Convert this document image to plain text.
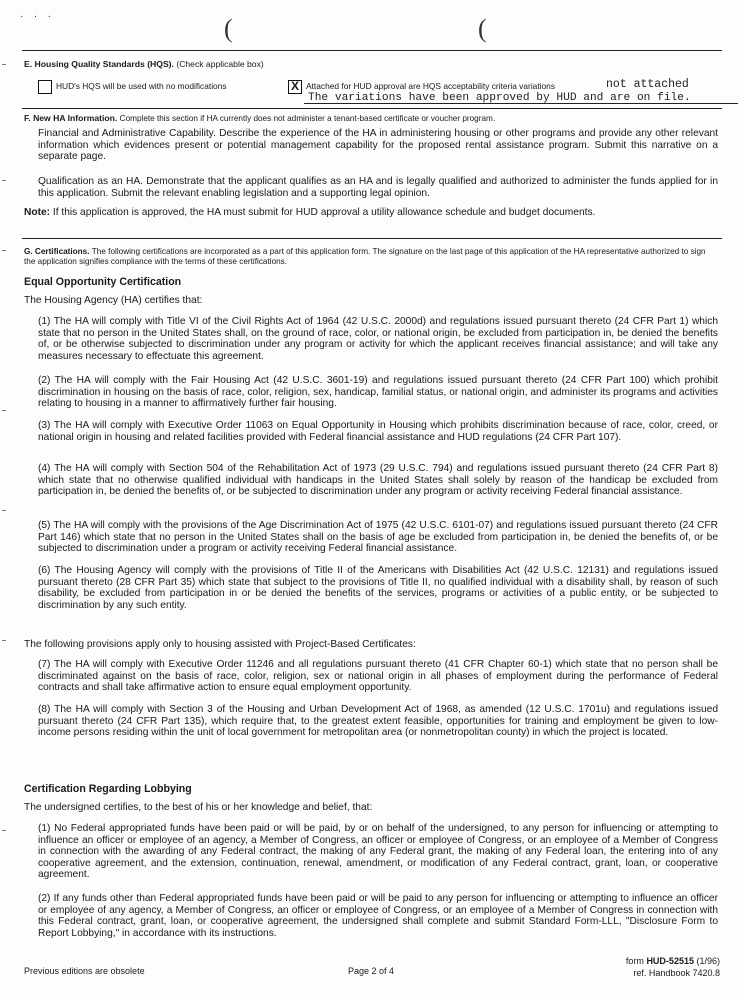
· · ·	(	(
E. Housing Quality Standards (HQS). (Check applicable box)
HUD's HQS will be used with no modifications	X Attached for HUD approval are HQS acceptability criteria variations	not attached
The variations have been approved by HUD and are on file.
F. New HA Information. Complete this section if HA currently does not administer a tenant-based certificate or voucher program.

Financial and Administrative Capability. Describe the experience of the HA in administering housing or other programs and provide any other relevant information which evidences present or potential management capability for the proposed rental assistance program. Submit this narrative on a separate page.

Qualification as an HA. Demonstrate that the applicant qualifies as an HA and is legally qualified and authorized to administer the funds applied for in this application. Submit the relevant enabling legislation and a supporting legal opinion.

Note: If this application is approved, the HA must submit for HUD approval a utility allowance schedule and budget documents.

G. Certifications. The following certifications are incorporated as a part of this application form. The signature on the last page of this application of the HA representative authorized to sign the application signifies compliance with the terms of these certifications.
Equal Opportunity Certification
The Housing Agency (HA) certifies that:

(1) The HA will comply with Title VI of the Civil Rights Act of 1964 (42 U.S.C. 2000d) and regulations issued pursuant thereto (24 CFR Part 1) which state that no person in the United States shall, on the ground of race, color, or national origin, be excluded from participation in, be denied the benefits of, or be otherwise subjected to discrimination under any program or activity for which the applicant receives financial assistance; and will take any measures necessary to effectuate this agreement.

(2) The HA will comply with the Fair Housing Act (42 U.S.C. 3601-19) and regulations issued pursuant thereto (24 CFR Part 100) which prohibit discrimination in housing on the basis of race, color, religion, sex, handicap, familial status, or national origin, and administer its programs and activities relating to housing in a manner to affirmatively further fair housing.

(3) The HA will comply with Executive Order 11063 on Equal Opportunity in Housing which prohibits discrimination because of race, color, creed, or national origin in housing and related facilities provided with Federal financial assistance and HUD regulations (24 CFR Part 107).

(4) The HA will comply with Section 504 of the Rehabilitation Act of 1973 (29 U.S.C. 794) and regulations issued pursuant thereto (24 CFR Part 8) which state that no otherwise qualified individual with handicaps in the United States shall solely by reason of the handicap be excluded from participation in, be denied the benefits of, or be subjected to discrimination under any program or activity receiving Federal financial assistance.

(5) The HA will comply with the provisions of the Age Discrimination Act of 1975 (42 U.S.C. 6101-07) and regulations issued pursuant thereto (24 CFR Part 146) which state that no person in the United States shall on the basis of age be excluded from participation in, be denied the benefits of, or be subjected to discrimination under a program or activity receiving Federal financial assistance.

(6) The Housing Agency will comply with the provisions of Title II of the Americans with Disabilities Act (42 U.S.C. 12131) and regulations issued pursuant thereto (28 CFR Part 35) which state that subject to the provisions of Title II, no qualified individual with a disability shall, by reason of such disability, be excluded from participation in or be denied the benefits of the services, programs or activities of a public entity, or be subjected to discrimination by any such entity.

The following provisions apply only to housing assisted with Project-Based Certificates:

(7) The HA will comply with Executive Order 11246 and all regulations pursuant thereto (41 CFR Chapter 60-1) which state that no person shall be discriminated against on the basis of race, color, religion, sex or national origin in all phases of employment during the performance of Federal contracts and shall take affirmative action to ensure equal employment opportunity.

(8) The HA will comply with Section 3 of the Housing and Urban Development Act of 1968, as amended (12 U.S.C. 1701u) and regulations issued pursuant thereto (24 CFR Part 135), which require that, to the greatest extent feasible, opportunities for training and employment be given to low-income persons residing within the unit of local government for metropolitan area (or nonmetropolitan county) in which the project is located.

Certification Regarding Lobbying
The undersigned certifies, to the best of his or her knowledge and belief, that:

(1) No Federal appropriated funds have been paid or will be paid, by or on behalf of the undersigned, to any person for influencing or attempting to influence an officer or employee of an agency, a Member of Congress, an officer or employee of Congress, or an employee of a Member of Congress in connection with the awarding of any Federal contract, the making of any Federal grant, the making of any Federal loan, the entering into of any cooperative agreement, and the extension, continuation, renewal, amendment, or modification of any Federal contract, grant, loan, or cooperative agreement.

(2) If any funds other than Federal appropriated funds have been paid or will be paid to any person for influencing or attempting to influence an officer or employee of any agency, a Member of Congress, an officer or employee of Congress, or an employee of a Member of Congress in connection with this Federal contract, grant, loan, or cooperative agreement, the undersigned shall complete and submit Standard Form-LLL, "Disclosure Form to Report Lobbying," in accordance with its instructions.

Previous editions are obsolete	Page 2 of 4
form HUD-52515 (1/96)
ref. Handbook 7420.8
